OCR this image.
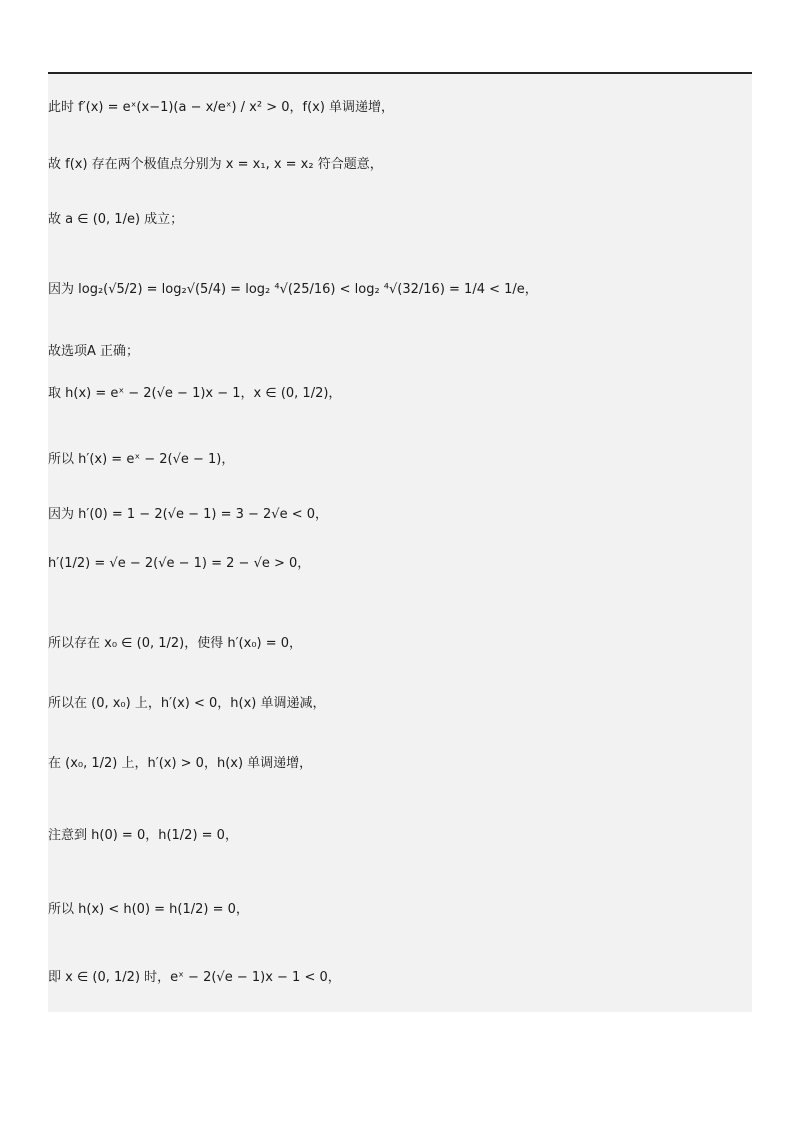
此时 f′(x) = eˣ(x−1)(a − x/eˣ) / x² > 0，f(x) 单调递增，
故 f(x) 存在两个极值点分别为 x = x₁, x = x₂ 符合题意，
故 a ∈ (0, 1/e) 成立；
因为 log₂(√5/2) = log₂√(5/4) = log₂ ⁴√(25/16) < log₂ ⁴√(32/16) = 1/4 < 1/e，
故选项A 正确；
取 h(x) = eˣ − 2(√e − 1)x − 1，x ∈ (0, 1/2)，
所以 h′(x) = eˣ − 2(√e − 1)，
因为 h′(0) = 1 − 2(√e − 1) = 3 − 2√e < 0，
h′(1/2) = √e − 2(√e − 1) = 2 − √e > 0，
所以存在 x₀ ∈ (0, 1/2)，使得 h′(x₀) = 0，
所以在 (0, x₀) 上，h′(x) < 0，h(x) 单调递减，
在 (x₀, 1/2) 上，h′(x) > 0，h(x) 单调递增，
注意到 h(0) = 0，h(1/2) = 0，
所以 h(x) < h(0) = h(1/2) = 0，
即 x ∈ (0, 1/2) 时，eˣ − 2(√e − 1)x − 1 < 0，
